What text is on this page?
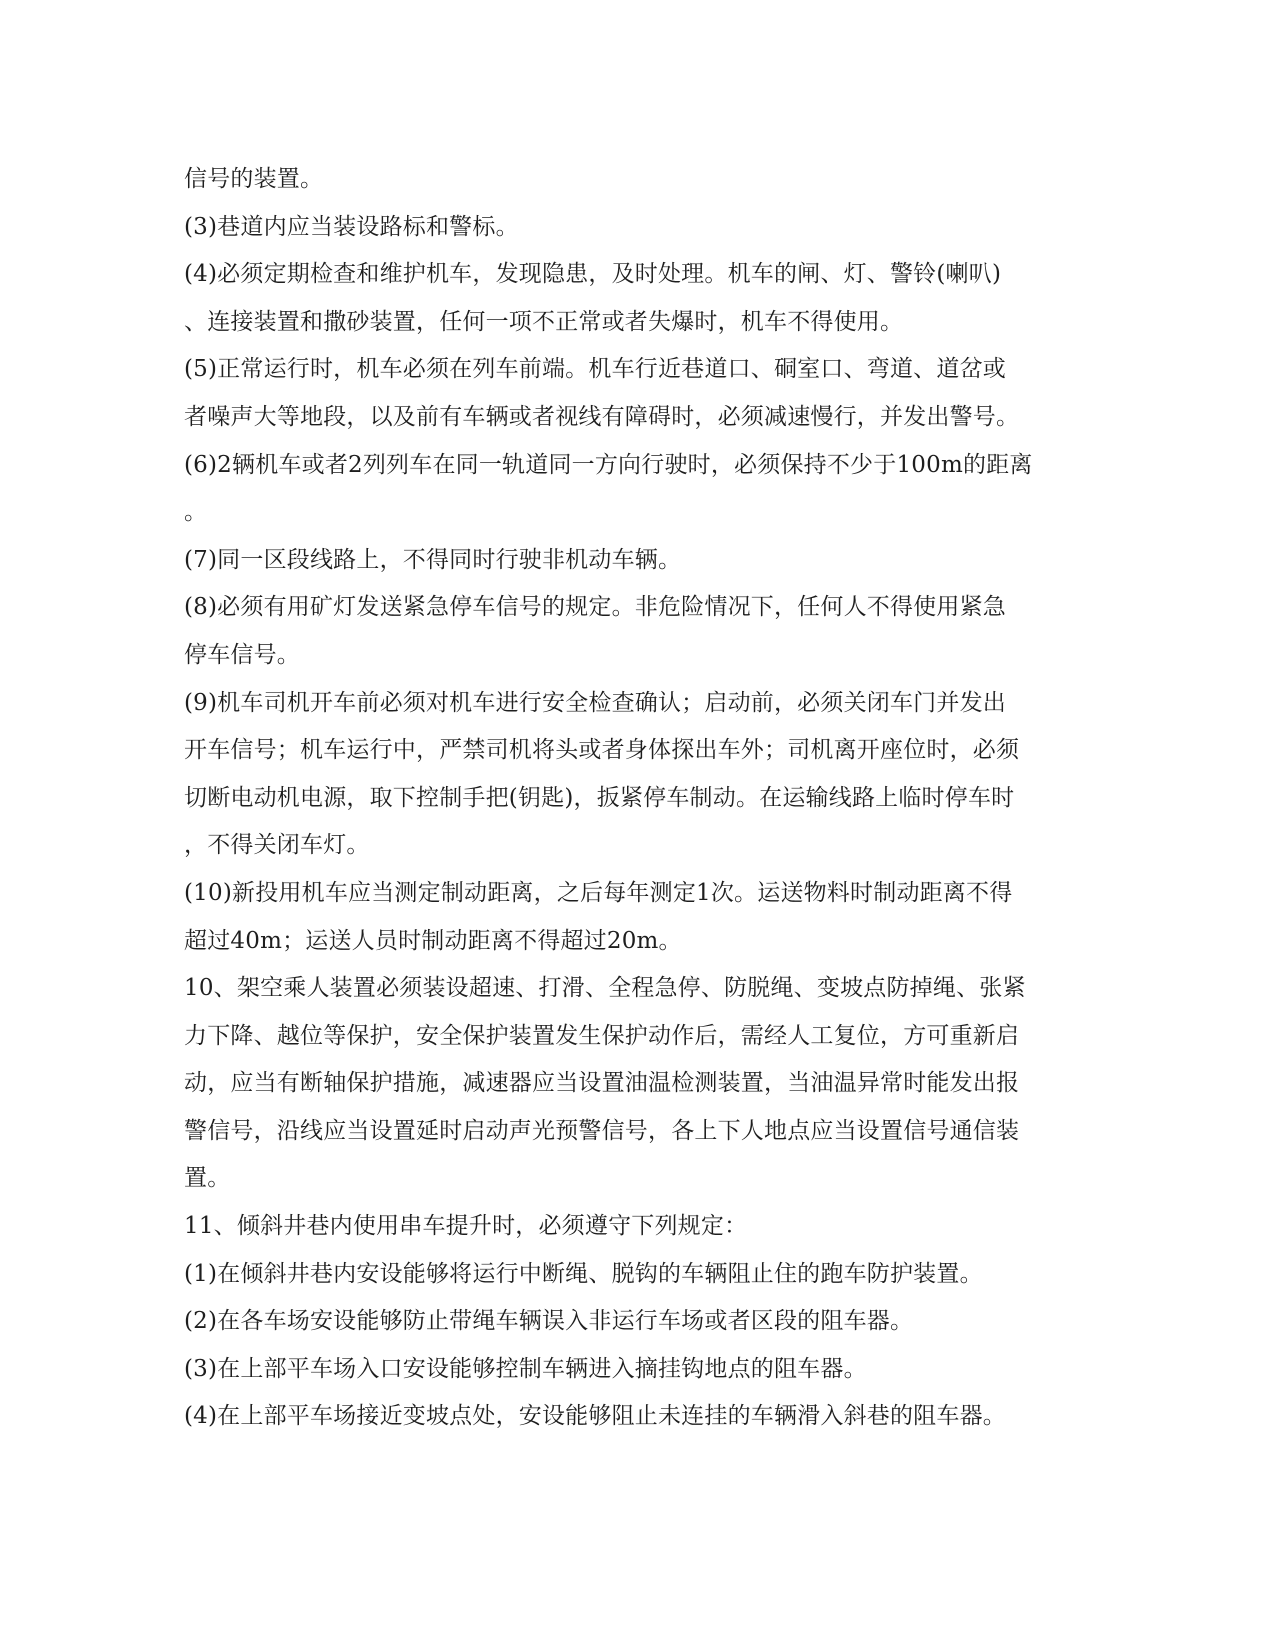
信号的装置。
(3)巷道内应当装设路标和警标。
(4)必须定期检查和维护机车，发现隐患，及时处理。机车的闸、灯、警铃(喇叭)
、连接装置和撒砂装置，任何一项不正常或者失爆时，机车不得使用。
(5)正常运行时，机车必须在列车前端。机车行近巷道口、硐室口、弯道、道岔或
者噪声大等地段，以及前有车辆或者视线有障碍时，必须减速慢行，并发出警号。
(6)2辆机车或者2列列车在同一轨道同一方向行驶时，必须保持不少于100m的距离
。
(7)同一区段线路上，不得同时行驶非机动车辆。
(8)必须有用矿灯发送紧急停车信号的规定。非危险情况下，任何人不得使用紧急
停车信号。
(9)机车司机开车前必须对机车进行安全检查确认；启动前，必须关闭车门并发出
开车信号；机车运行中，严禁司机将头或者身体探出车外；司机离开座位时，必须
切断电动机电源，取下控制手把(钥匙)，扳紧停车制动。在运输线路上临时停车时
，不得关闭车灯。
(10)新投用机车应当测定制动距离，之后每年测定1次。运送物料时制动距离不得
超过40m；运送人员时制动距离不得超过20m。
10、架空乘人装置必须装设超速、打滑、全程急停、防脱绳、变坡点防掉绳、张紧
力下降、越位等保护，安全保护装置发生保护动作后，需经人工复位，方可重新启
动，应当有断轴保护措施，减速器应当设置油温检测装置，当油温异常时能发出报
警信号，沿线应当设置延时启动声光预警信号，各上下人地点应当设置信号通信装
置。
11、倾斜井巷内使用串车提升时，必须遵守下列规定：
(1)在倾斜井巷内安设能够将运行中断绳、脱钩的车辆阻止住的跑车防护装置。
(2)在各车场安设能够防止带绳车辆误入非运行车场或者区段的阻车器。
(3)在上部平车场入口安设能够控制车辆进入摘挂钩地点的阻车器。
(4)在上部平车场接近变坡点处，安设能够阻止未连挂的车辆滑入斜巷的阻车器。
